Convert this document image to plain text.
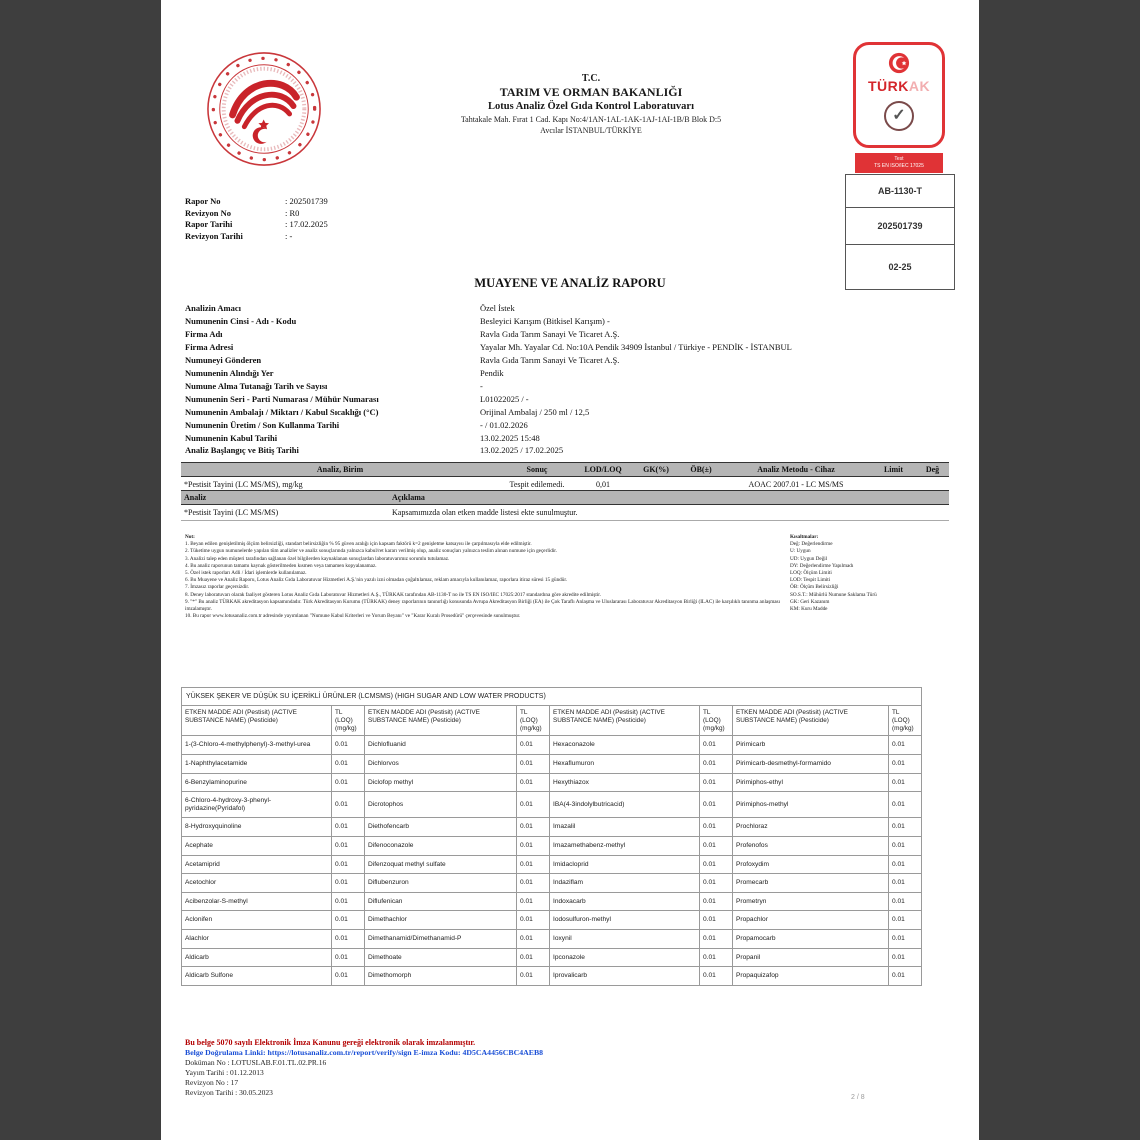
T.C.
TARIM VE ORMAN BAKANLIĞI
Lotus Analiz Özel Gıda Kontrol Laboratuvarı
Tahtakale Mah. Fırat 1 Cad. Kapı No:4/1AN-1AL-1AK-1AJ-1AI-1B/B Blok D:5
Avcılar İSTANBUL/TÜRKİYE
TÜRKAK
✓
Test
TS EN ISO/IEC 17025
Rapor No	: 202501739
Revizyon No	: R0
Rapor Tarihi	: 17.02.2025
Revizyon Tarihi	: -
AB-1130-T
202501739
02-25
MUAYENE VE ANALİZ RAPORU
Analizin Amacı	Özel İstek
Numunenin Cinsi - Adı - Kodu	Besleyici Karışım (Bitkisel Karışım) -
Firma Adı	Ravla Gıda Tarım Sanayi Ve Ticaret A.Ş.
Firma Adresi	Yayalar Mh. Yayalar Cd. No:10A Pendik 34909 İstanbul / Türkiye - PENDİK - İSTANBUL
Numuneyi Gönderen	Ravla Gıda Tarım Sanayi Ve Ticaret A.Ş.
Numunenin Alındığı Yer	Pendik
Numune Alma Tutanağı Tarih ve Sayısı	-
Numunenin Seri - Parti Numarası / Mühür Numarası	L01022025 / -
Numunenin Ambalajı / Miktarı / Kabul Sıcaklığı (°C)	Orijinal Ambalaj / 250 ml / 12,5
Numunenin Üretim / Son Kullanma Tarihi	- / 01.02.2026
Numunenin Kabul Tarihi	13.02.2025 15:48
Analiz Başlangıç ve Bitiş Tarihi	13.02.2025 / 17.02.2025
Analiz, Birim	Sonuç	LOD/LOQ	GK(%)	ÖB(±)	Analiz Metodu - Cihaz	Limit	Değ
*Pestisit Tayini (LC MS/MS), mg/kg	Tespit edilemedi.	0,01			AOAC 2007.01 - LC MS/MS		
Analiz	Açıklama
*Pestisit Tayini (LC MS/MS)	Kapsamımızda olan etken madde listesi ekte sunulmuştur.
Not:
1. Beyan edilen genişletilmiş ölçüm belirsizliği, standart belirsizliğin % 95 güven aralığı için kapsam faktörü k=2 genişletme katsayısı ile çarpılmasıyla elde edilmiştir.
2. Tüketime uygun numunelerde yapılan tüm analizler ve analiz sonuçlarında yalnızca kabul/ret kararı verilmiş olup, analiz sonuçları yalnızca teslim alınan numune için geçerlidir.
3. Analizi talep eden müşteri tarafından sağlanan özel bilgilerden kaynaklanan sonuçlardan laboratuvarımız sorumlu tutulamaz.
4. Bu analiz raporunun tamamı kaynak gösterilmeden kısmen veya tamamen kopyalanamaz.
5. Özel istek raporları Adli / İdari işlemlerde kullanılamaz.
6. Bu Muayene ve Analiz Raporu, Lotus Analiz Gıda Laboratuvar Hizmetleri A.Ş.'nin yazılı izni olmadan çoğaltılamaz, reklam amacıyla kullanılamaz, raporlara itiraz süresi 15 gündür.
7. İmzasız raporlar geçersizdir.
8. Deney laboratuvarı olarak faaliyet gösteren Lotus Analiz Gıda Laboratuvar Hizmetleri A.Ş., TÜRKAK tarafından AB-1130-T no ile TS EN ISO/IEC 17025:2017 standardına göre akredite edilmiştir.
9. "*" Bu analiz TÜRKAK akreditasyon kapsamındadır. Türk Akreditasyon Kurumu (TÜRKAK) deney raporlarının tanınırlığı konusunda Avrupa Akreditasyon Birliği (EA) ile Çok Taraflı Anlaşma ve Uluslararası Laboratuvar Akreditasyon Birliği (ILAC) ile karşılıklı tanınma anlaşması imzalamıştır.
10. Bu rapor www.lotusanaliz.com.tr adresinde yayımlanan "Numune Kabul Kriterleri ve Yorum Beyanı" ve "Karar Kuralı Prosedürü" çerçevesinde sunulmuştur.
Kısaltmalar:
Değ: Değerlendirme
U: Uygun
UD: Uygun Değil
DY: Değerlendirme Yapılmadı
LOQ: Ölçüm Limiti
LOD: Tespit Limiti
ÖB: Ölçüm Belirsizliği
SO.S.T.: Mühürlü Numune Saklama Türü
GK: Geri Kazanım
KM: Kuru Madde
YÜKSEK ŞEKER VE DÜŞÜK SU İÇERİKLİ ÜRÜNLER (LCMSMS) (HIGH SUGAR AND LOW WATER PRODUCTS)							
ETKEN MADDE ADI (Pestisit) (ACTIVE SUBSTANCE NAME) (Pesticide)	TL (LOQ) (mg/kg)	ETKEN MADDE ADI (Pestisit) (ACTIVE SUBSTANCE NAME) (Pesticide)	TL (LOQ) (mg/kg)	ETKEN MADDE ADI (Pestisit) (ACTIVE SUBSTANCE NAME) (Pesticide)	TL (LOQ) (mg/kg)	ETKEN MADDE ADI (Pestisit) (ACTIVE SUBSTANCE NAME) (Pesticide)	TL (LOQ) (mg/kg)
1-(3-Chloro-4-methylphenyl)-3-methyl-urea	0.01	Dichlofluanid	0.01	Hexaconazole	0.01	Pirimicarb	0.01
1-Naphthylacetamide	0.01	Dichlorvos	0.01	Hexaflumuron	0.01	Pirimicarb-desmethyl-formamido	0.01
6-Benzylaminopurine	0.01	Diclofop methyl	0.01	Hexythiazox	0.01	Pirimiphos-ethyl	0.01
6-Chloro-4-hydroxy-3-phenyl-pyridazine(Pyridafol)	0.01	Dicrotophos	0.01	IBA(4-3indolylbutricacid)	0.01	Pirimiphos-methyl	0.01
8-Hydroxyquinoline	0.01	Diethofencarb	0.01	Imazalil	0.01	Prochloraz	0.01
Acephate	0.01	Difenoconazole	0.01	Imazamethabenz-methyl	0.01	Profenofos	0.01
Acetamiprid	0.01	Difenzoquat methyl sulfate	0.01	Imidacloprid	0.01	Profoxydim	0.01
Acetochlor	0.01	Diflubenzuron	0.01	Indaziflam	0.01	Promecarb	0.01
Acibenzolar-S-methyl	0.01	Diflufenican	0.01	Indoxacarb	0.01	Prometryn	0.01
Aclonifen	0.01	Dimethachlor	0.01	Iodosulfuron-methyl	0.01	Propachlor	0.01
Alachlor	0.01	Dimethanamid/Dimethanamid-P	0.01	Ioxynil	0.01	Propamocarb	0.01
Aldicarb	0.01	Dimethoate	0.01	Ipconazole	0.01	Propanil	0.01
Aldicarb Sulfone	0.01	Dimethomorph	0.01	Iprovalicarb	0.01	Propaquizafop	0.01
Bu belge 5070 sayılı Elektronik İmza Kanunu gereği elektronik olarak imzalanmıştır.
Belge Doğrulama Linki: https://lotusanaliz.com.tr/report/verify/sign E-imza Kodu: 4D5CA4456CBC4AEB8
Doküman No : LOTUSLAB.F.01.TL.02.PR.16
Yayım Tarihi : 01.12.2013
Revizyon No : 17
Revizyon Tarihi : 30.05.2023
2 / 8
